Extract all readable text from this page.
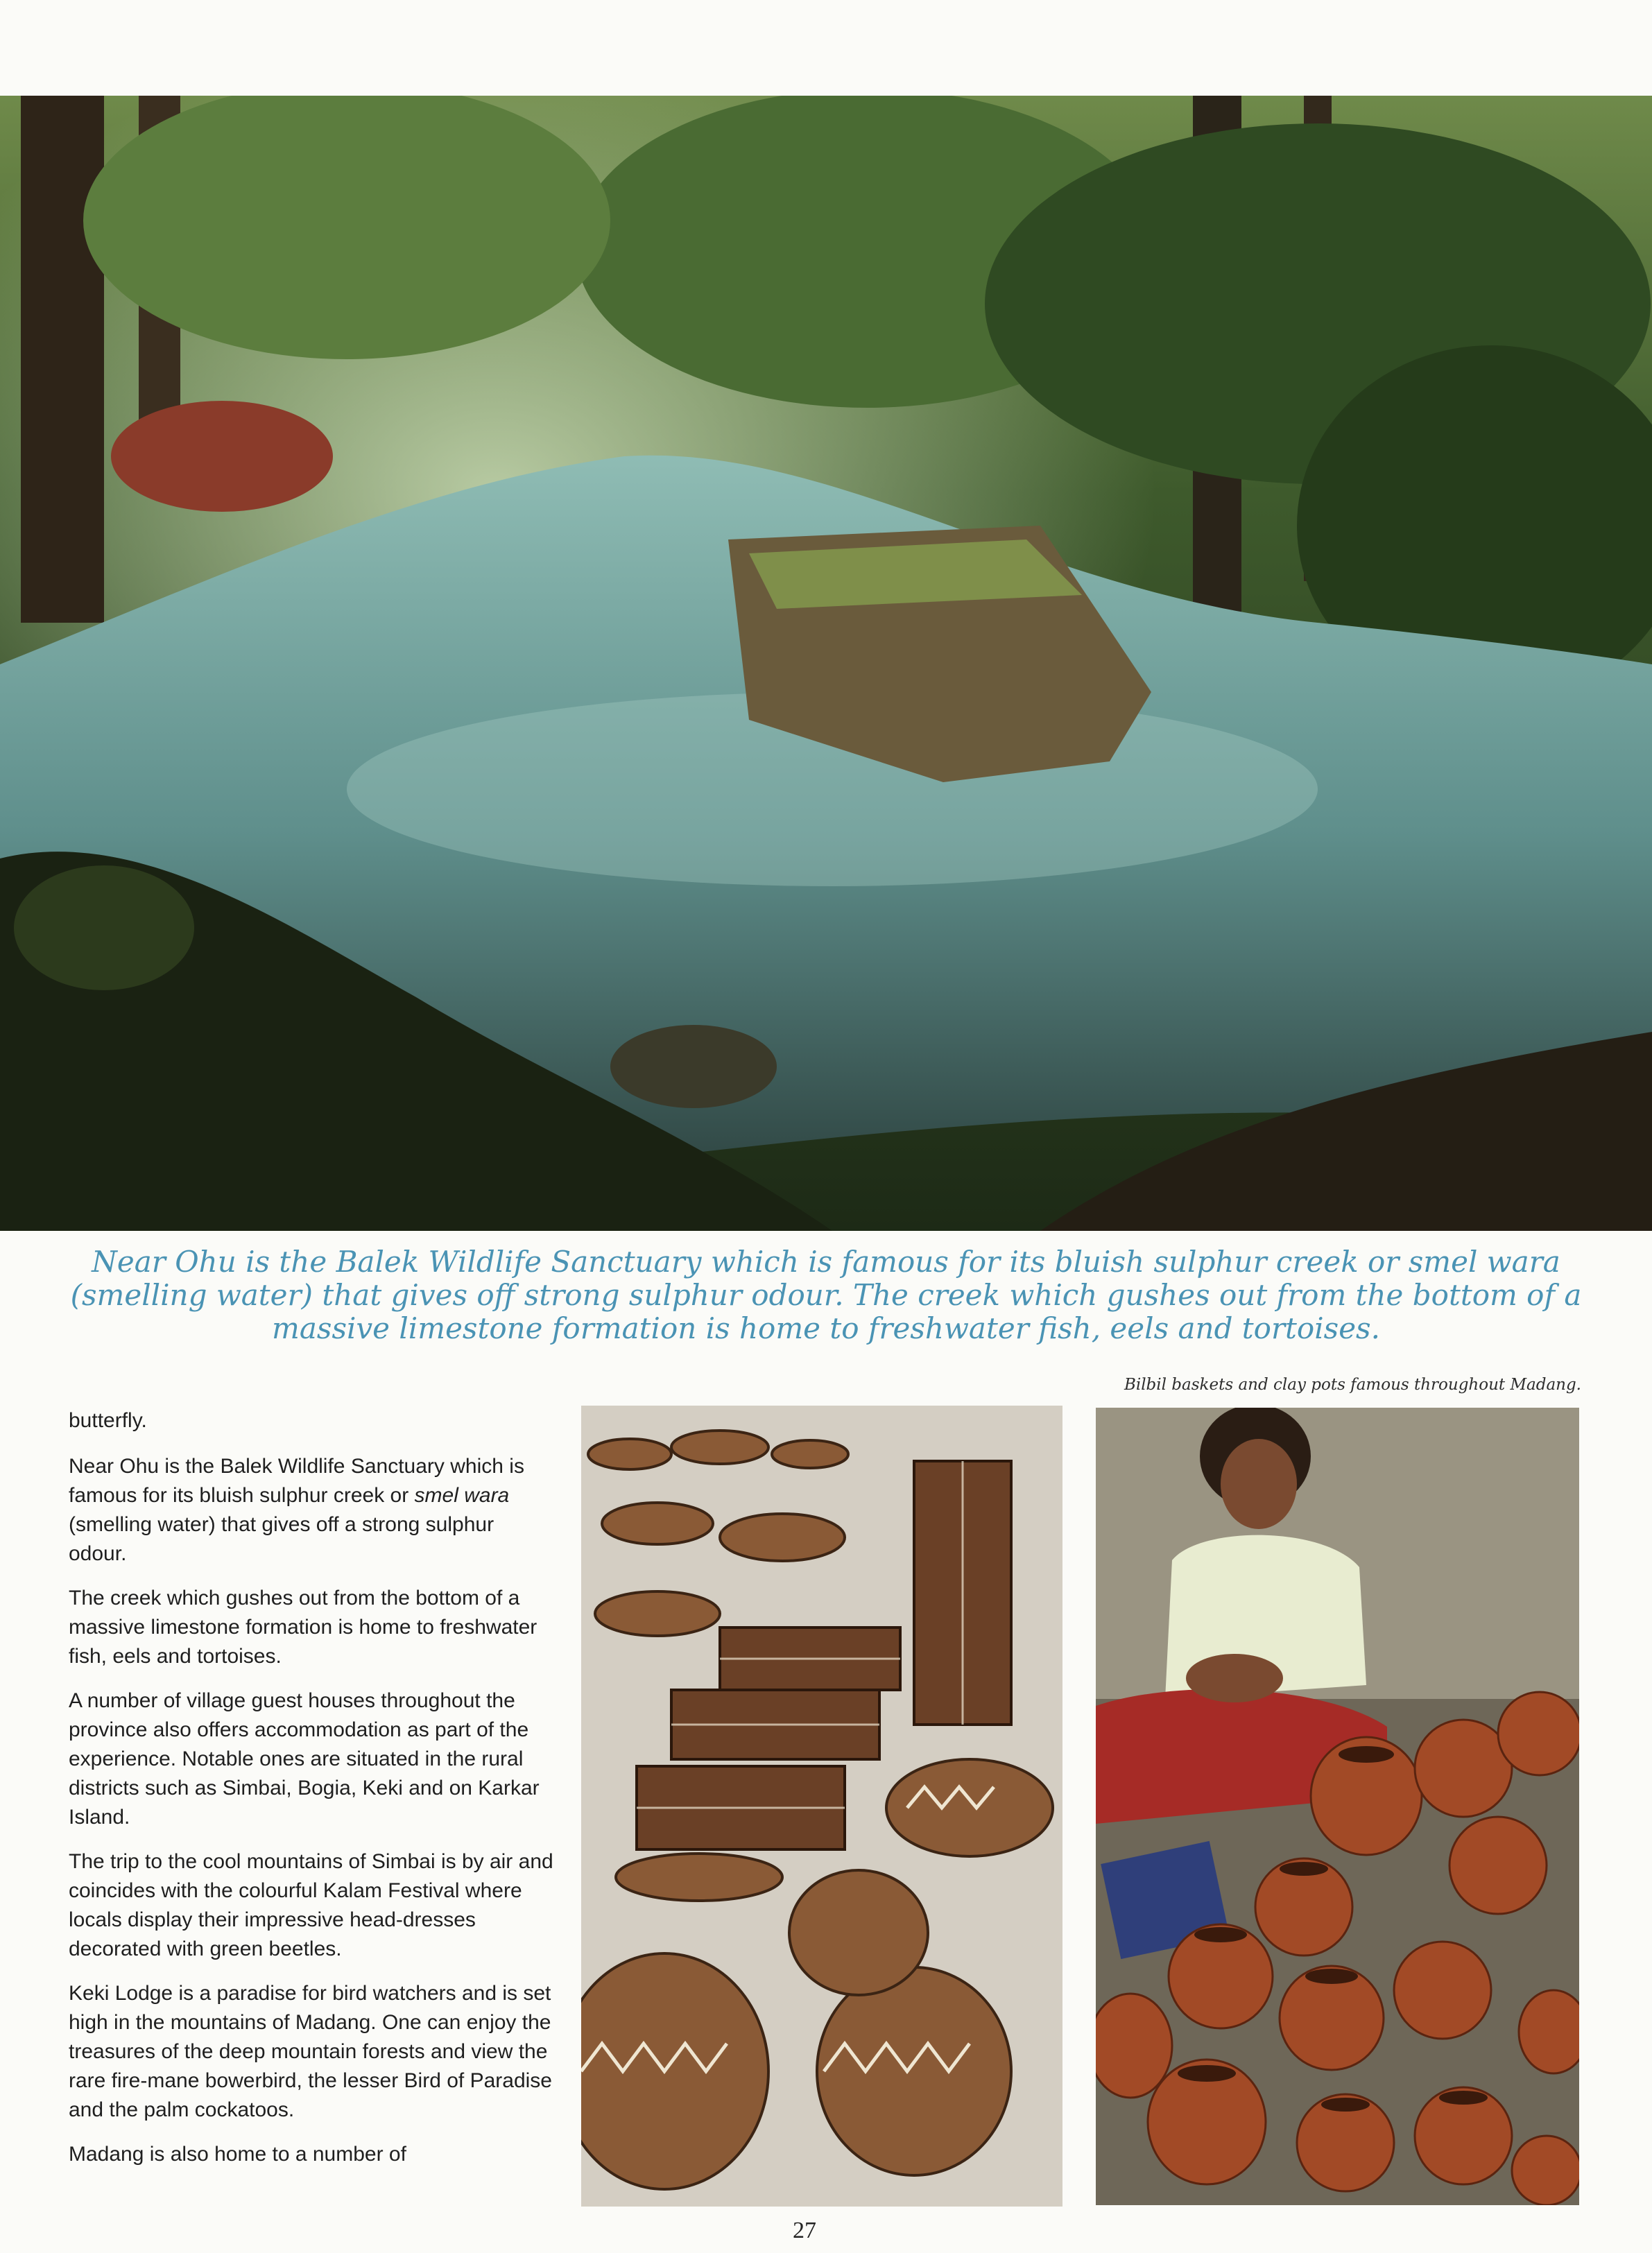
Near Ohu is the Balek Wildlife Sanctuary which is famous for its bluish sulphur creek or smel wara (smelling water) that gives off strong sulphur odour. The creek which gushes out from the bottom of a massive limestone formation is home to freshwater fish, eels and tortoises.
Bilbil baskets and clay pots famous throughout Madang.

butterfly.

Near Ohu is the Balek Wildlife Sanctuary which is famous for its bluish sulphur creek or smel wara (smelling water) that gives off a strong sulphur odour.

The creek which gushes out from the bottom of a massive limestone formation is home to freshwater fish, eels and tortoises.

A number of village guest houses throughout the province also offers accommodation as part of the experience. Notable ones are situated in the rural districts such as Simbai, Bogia, Keki and on Karkar Island.

The trip to the cool mountains of Simbai is by air and coincides with the colourful Kalam Festival where locals display their impressive head-dresses decorated with green beetles.

Keki Lodge is a paradise for bird watchers and is set high in the mountains of Madang. One can enjoy the treasures of the deep mountain forests and view the rare fire-mane bowerbird, the lesser Bird of Paradise and the palm cockatoos.

Madang is also home to a number of

27
